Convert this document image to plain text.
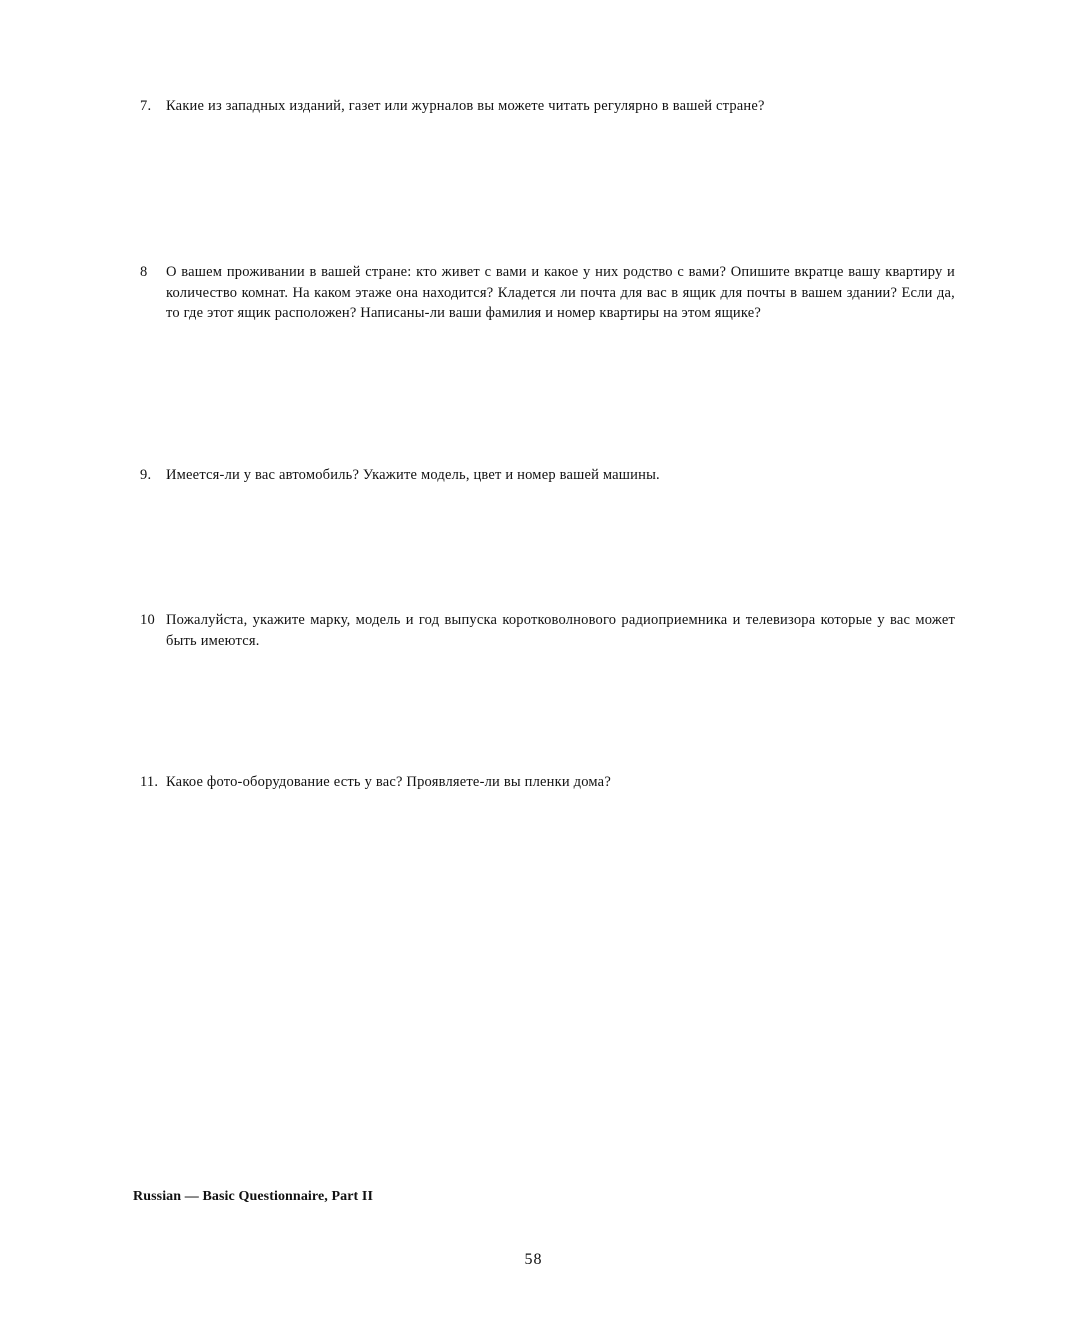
7.	Какие из западных изданий, газет или журналов вы можете читать регулярно в вашей стране?
8	О вашем проживании в вашей стране: кто живет с вами и какое у них родство с вами? Опишите вкратце вашу квартиру и количество комнат. На каком этаже она находится? Кладется ли почта для вас в ящик для почты в вашем здании? Если да, то где этот ящик расположен? Написаны-ли ваши фамилия и номер квартиры на этом ящике?
9.	Имеется-ли у вас автомобиль? Укажите модель, цвет и номер вашей машины.
10 Пожалуйста, укажите марку, модель и год выпуска коротковолнового радиоприемника и телевизора которые у вас может быть имеются.
11. Какое фото-оборудование есть у вас? Проявляете-ли вы пленки дома?
Russian — Basic Questionnaire, Part II
58
